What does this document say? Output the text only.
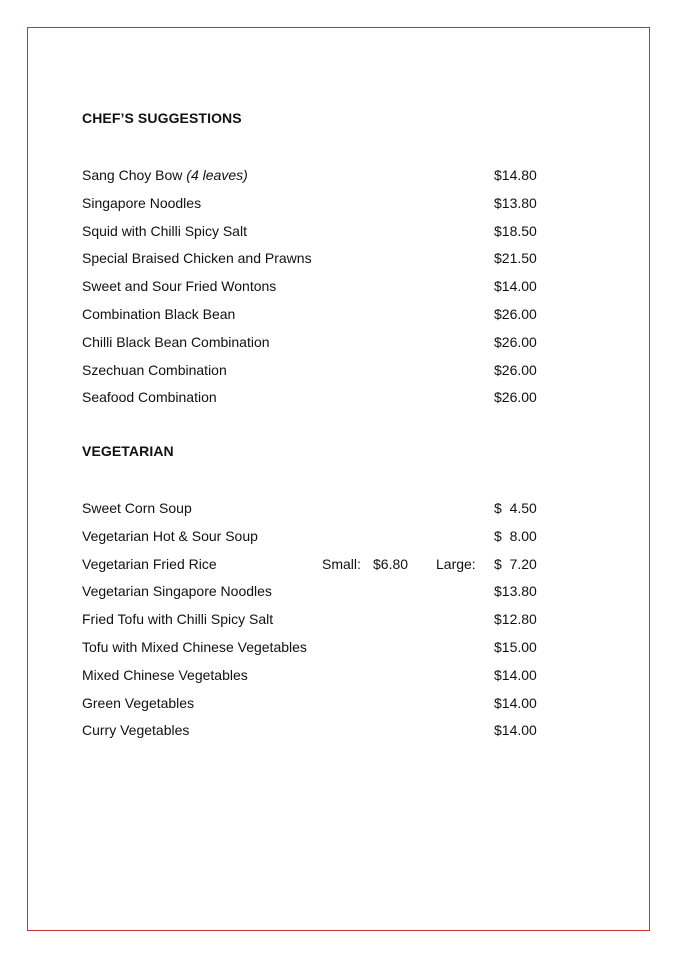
CHEF’S SUGGESTIONS
Sang Choy Bow (4 leaves)	$14.80
Singapore Noodles	$13.80
Squid with Chilli Spicy Salt	$18.50
Special Braised Chicken and Prawns	$21.50
Sweet and Sour Fried Wontons	$14.00
Combination Black Bean	$26.00
Chilli Black Bean Combination	$26.00
Szechuan Combination	$26.00
Seafood Combination	$26.00
VEGETARIAN
Sweet Corn Soup	$  4.50
Vegetarian Hot & Sour Soup	$  8.00
Vegetarian Fried Rice	Small: $6.80 Large: $  7.20
Vegetarian Singapore Noodles	$13.80
Fried Tofu with Chilli Spicy Salt	$12.80
Tofu with Mixed Chinese Vegetables	$15.00
Mixed Chinese Vegetables	$14.00
Green Vegetables	$14.00
Curry Vegetables	$14.00
